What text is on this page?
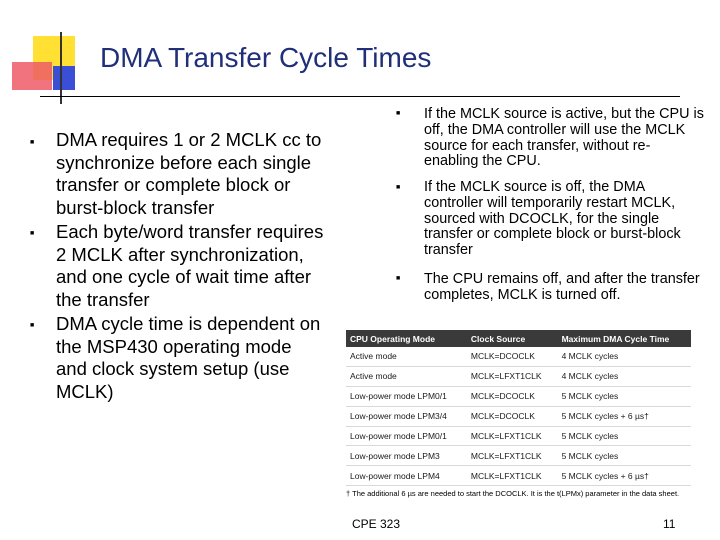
DMA Transfer Cycle Times
■
DMA requires 1 or 2 MCLK cc to synchronize before each single transfer or complete block or burst-block transfer
■
Each byte/word transfer requires 2 MCLK after synchronization, and one cycle of wait time after the transfer
■
DMA cycle time is dependent on the MSP430 operating mode and clock system setup (use MCLK)
■
If the MCLK source is active, but the CPU is off, the DMA controller will use the MCLK source for each transfer, without re-enabling the CPU.
■
If the MCLK source is off, the DMA controller will temporarily restart MCLK, sourced with DCOCLK, for the single transfer or complete block or burst-block transfer
■
The CPU remains off, and after the transfer completes, MCLK is turned off.
CPU Operating Mode	Clock Source	Maximum DMA Cycle Time
Active mode	MCLK=DCOCLK	4 MCLK cycles
Active mode	MCLK=LFXT1CLK	4 MCLK cycles
Low-power mode LPM0/1	MCLK=DCOCLK	5 MCLK cycles
Low-power mode LPM3/4	MCLK=DCOCLK	5 MCLK cycles + 6 µs†
Low-power mode LPM0/1	MCLK=LFXT1CLK	5 MCLK cycles
Low-power mode LPM3	MCLK=LFXT1CLK	5 MCLK cycles
Low-power mode LPM4	MCLK=LFXT1CLK	5 MCLK cycles + 6 µs†
† The additional 6 µs are needed to start the DCOCLK. It is the t(LPMx) parameter in the data sheet.
CPE 323	11
